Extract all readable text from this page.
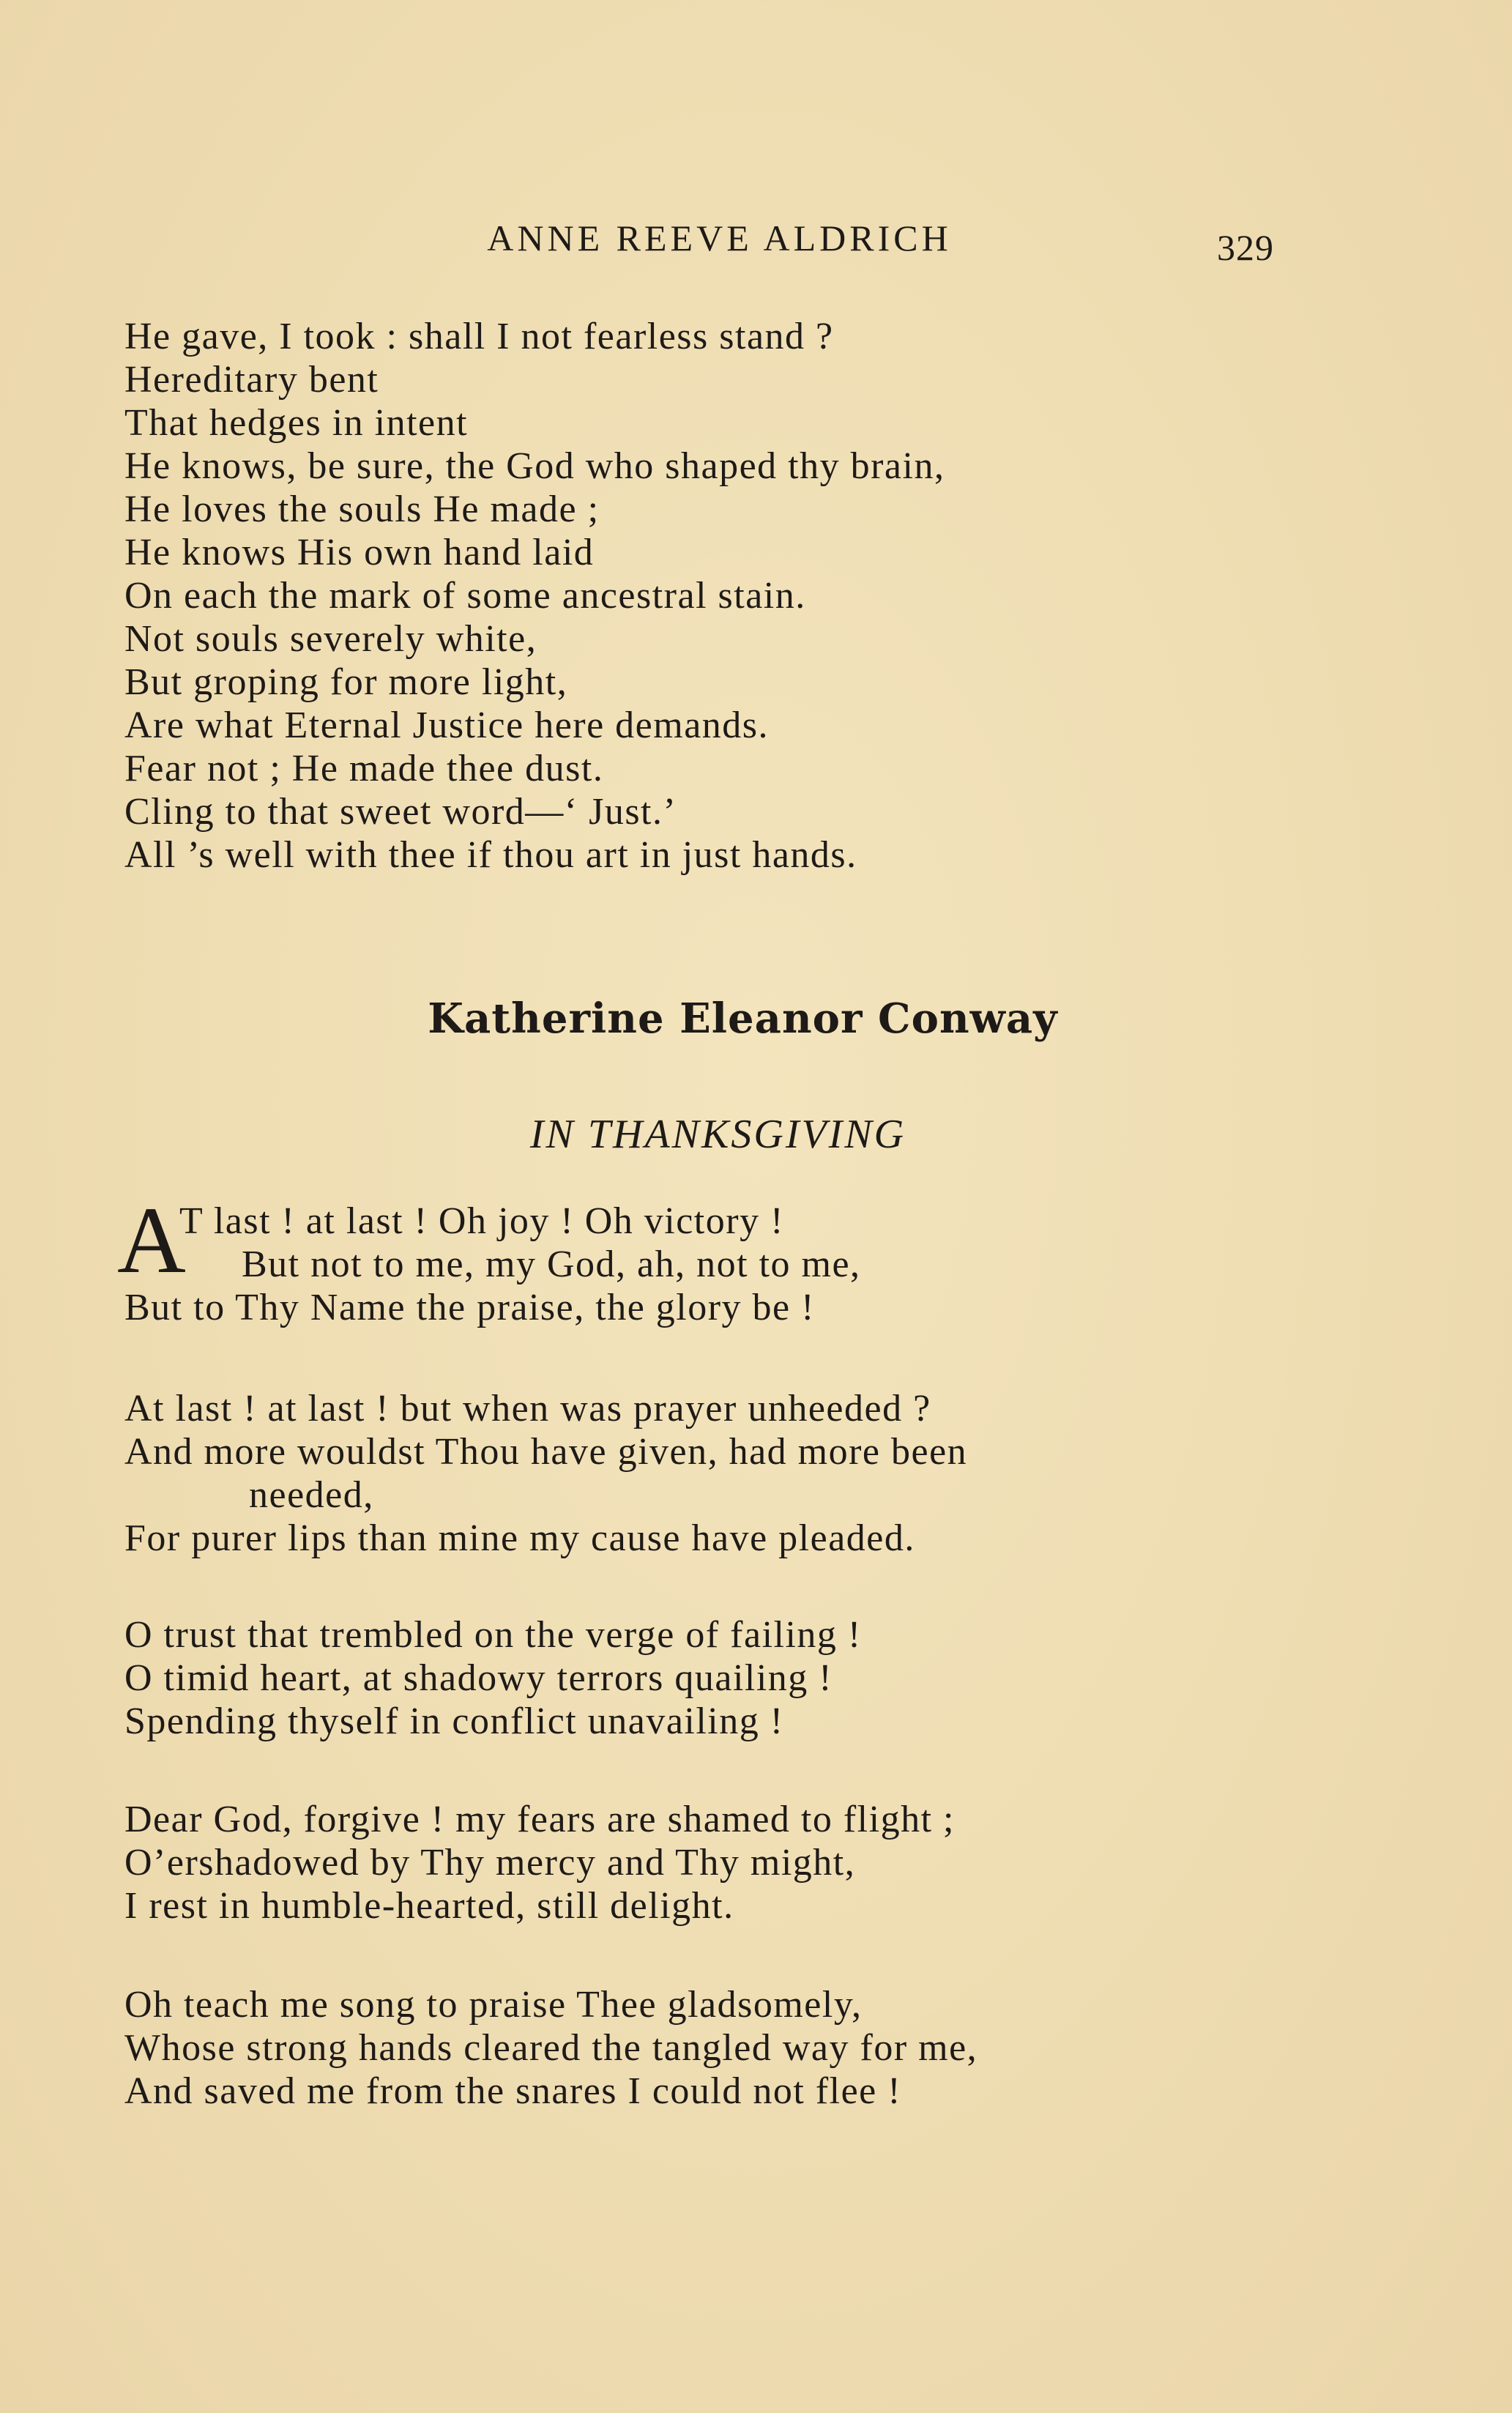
ANNE REEVE ALDRICH	329
He gave, I took : shall I not fearless stand ?
Hereditary bent
That hedges in intent
He knows, be sure, the God who shaped thy brain,
He loves the souls He made ;
He knows His own hand laid
On each the mark of some ancestral stain.
Not souls severely white,
But groping for more light,
Are what Eternal Justice here demands.
Fear not ; He made thee dust.
Cling to that sweet word—‘ Just.’
All ’s well with thee if thou art in just hands.
Katherine Eleanor Conway
IN THANKSGIVING
A
T last ! at last ! Oh joy ! Oh victory !
But not to me, my God, ah, not to me,
But to Thy Name the praise, the glory be !
At last ! at last ! but when was prayer unheeded ?
And more wouldst Thou have given, had more been
needed,
For purer lips than mine my cause have pleaded.
O trust that trembled on the verge of failing !
O timid heart, at shadowy terrors quailing !
Spending thyself in conflict unavailing !
Dear God, forgive ! my fears are shamed to flight ;
O’ershadowed by Thy mercy and Thy might,
I rest in humble-hearted, still delight.
Oh teach me song to praise Thee gladsomely,
Whose strong hands cleared the tangled way for me,
And saved me from the snares I could not flee !
